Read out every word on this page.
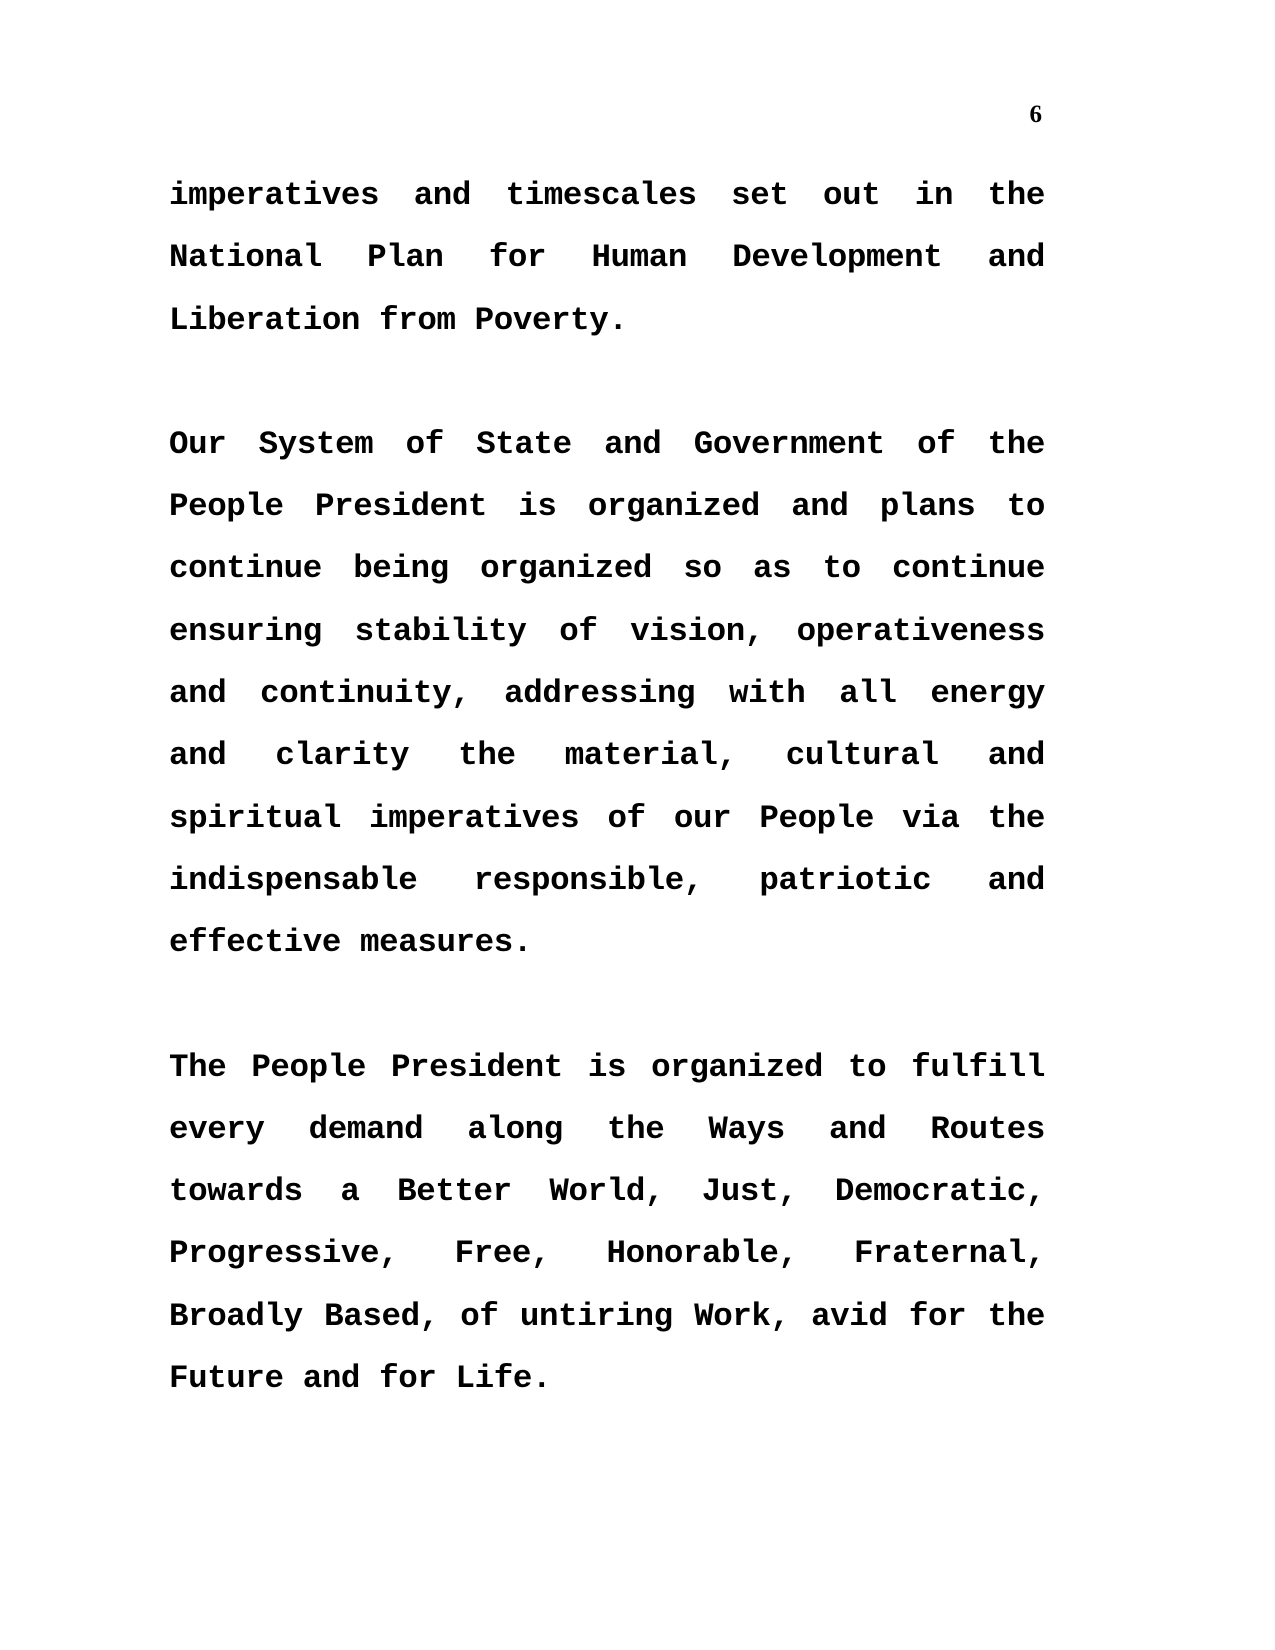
6

imperatives and timescales set out in the National Plan for Human Development and Liberation from Poverty.

Our System of State and Government of the People President is organized and plans to continue being organized so as to continue ensuring stability of vision, operativeness and continuity, addressing with all energy and clarity the material, cultural and spiritual imperatives of our People via the indispensable responsible, patriotic and effective measures.

The People President is organized to fulfill every demand along the Ways and Routes towards a Better World, Just, Democratic, Progressive, Free, Honorable, Fraternal, Broadly Based, of untiring Work, avid for the Future and for Life.
